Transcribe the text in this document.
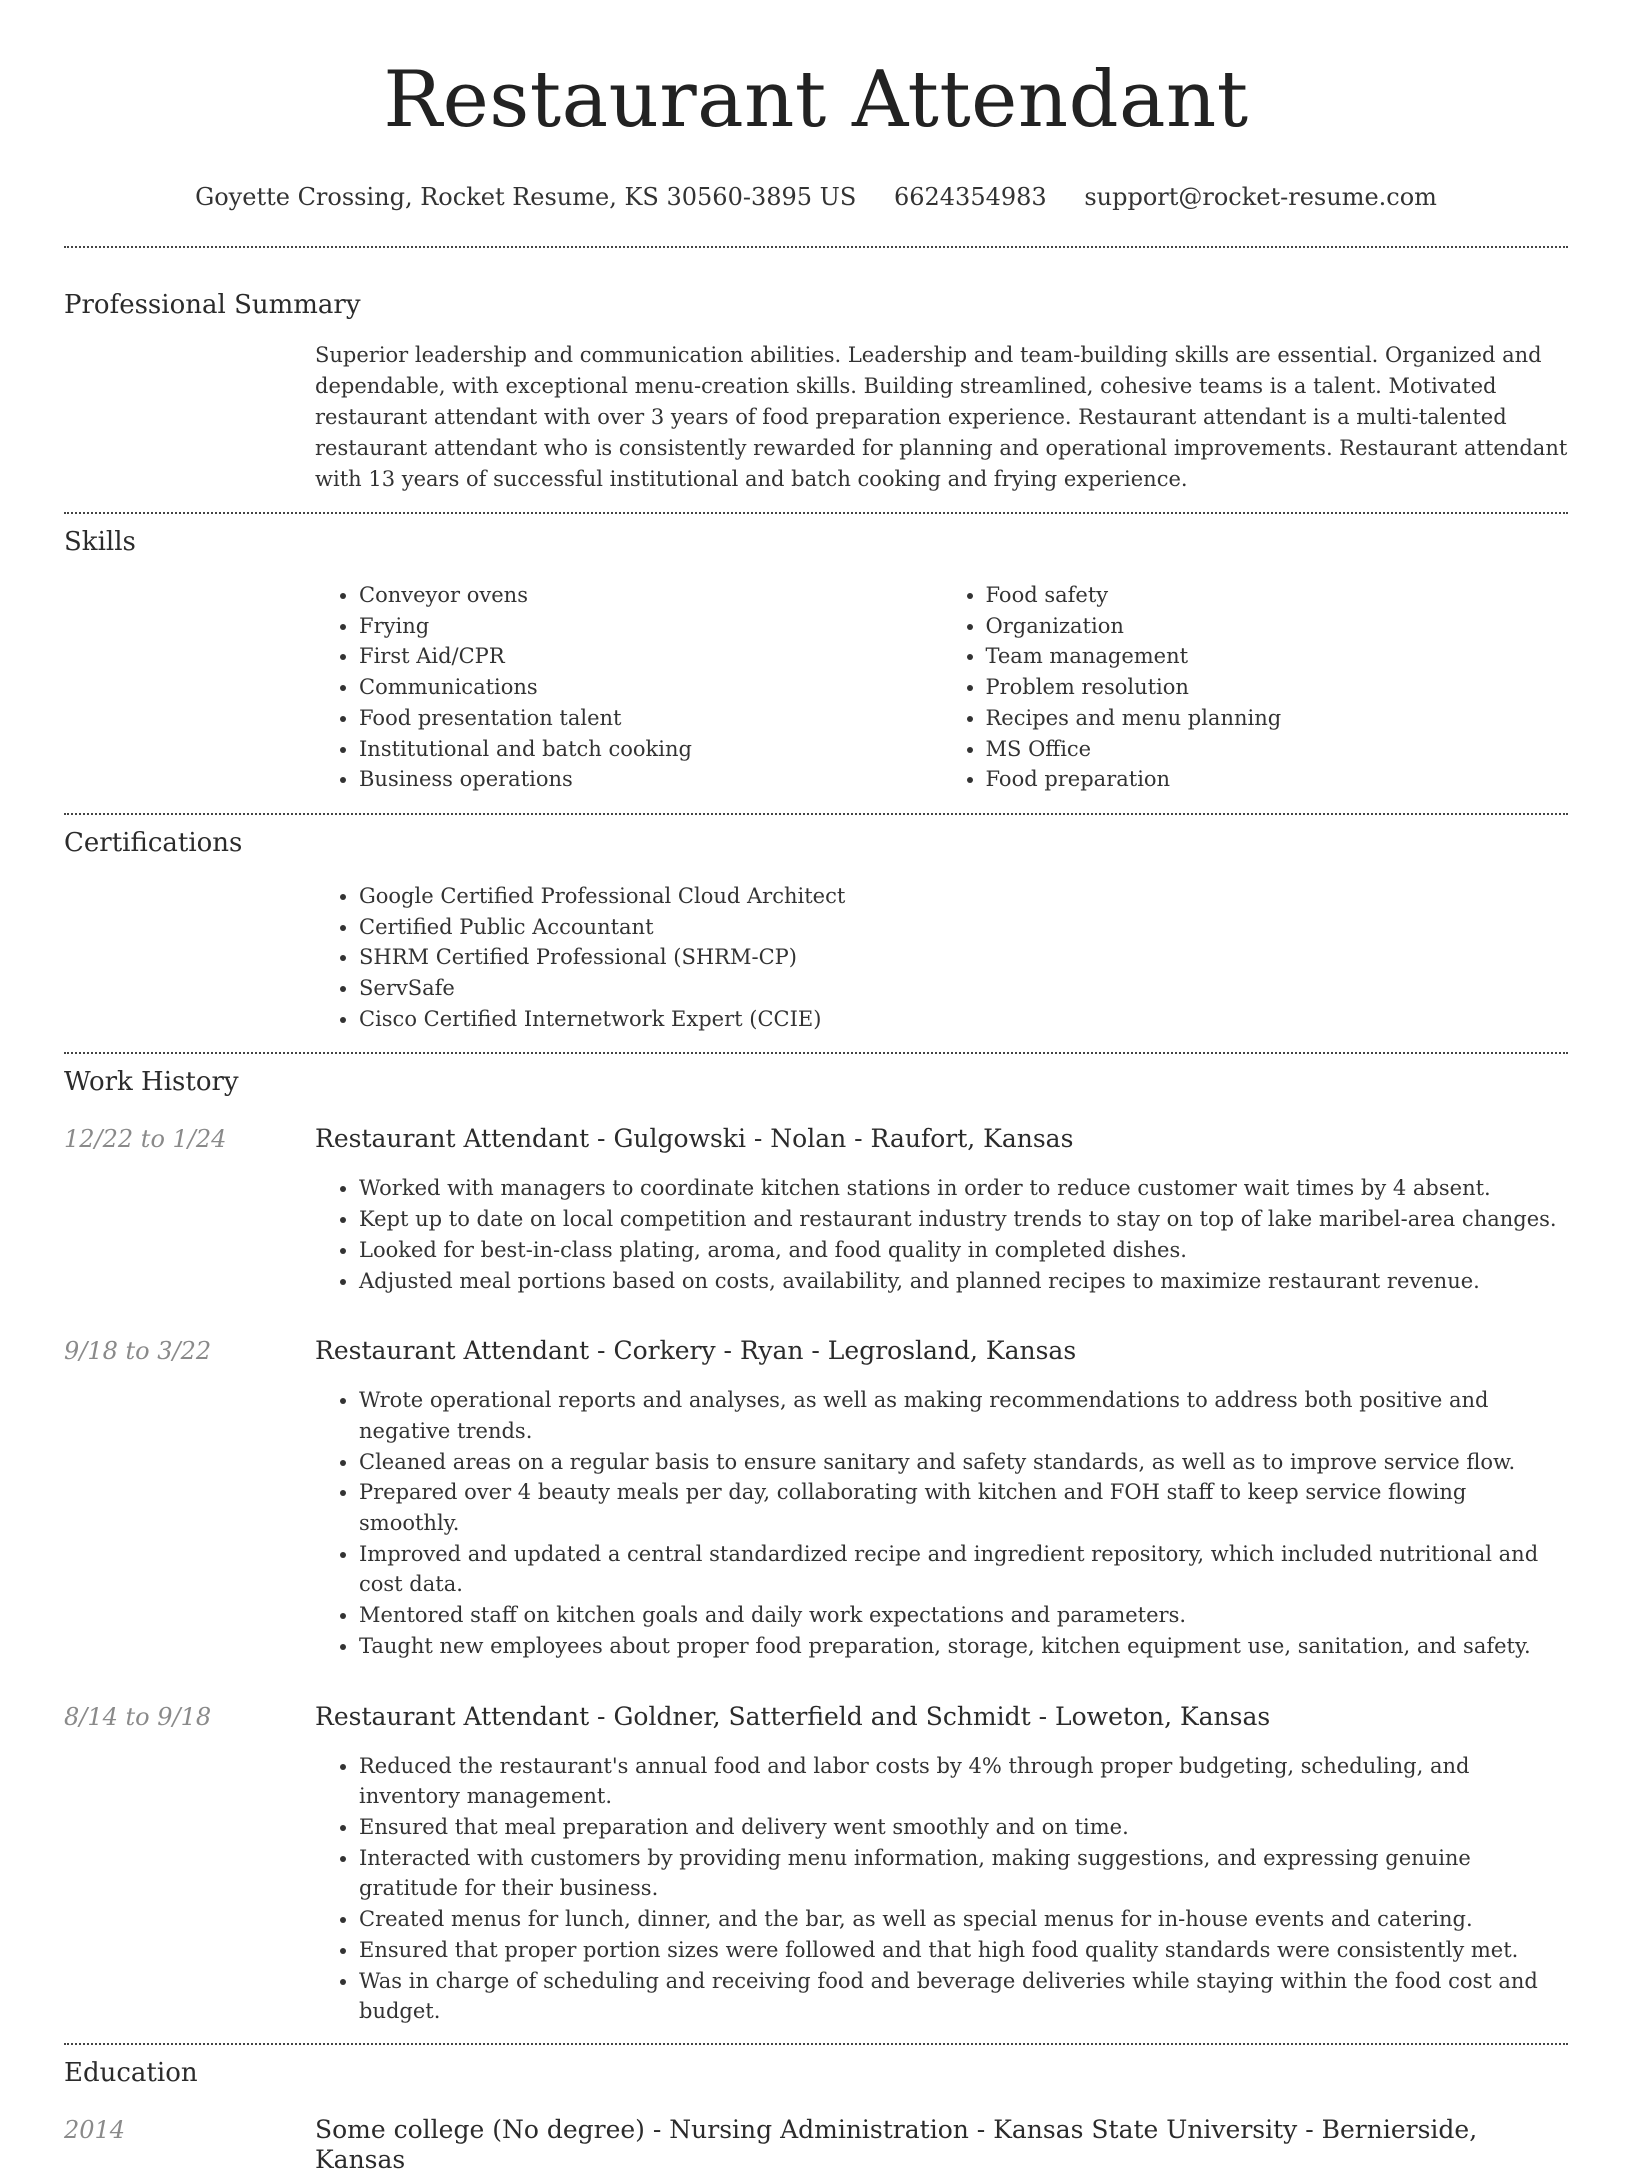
Restaurant Attendant
Goyette Crossing, Rocket Resume, KS 30560-3895 US 6624354983 support@rocket-resume.com
Professional Summary
Superior leadership and communication abilities. Leadership and team-building skills are essential. Organized and dependable, with exceptional menu-creation skills. Building streamlined, cohesive teams is a talent. Motivated restaurant attendant with over 3 years of food preparation experience. Restaurant attendant is a multi-talented restaurant attendant who is consistently rewarded for planning and operational improvements. Restaurant attendant with 13 years of successful institutional and batch cooking and frying experience.
Skills
• Conveyor ovens
• Frying
• First Aid/CPR
• Communications
• Food presentation talent
• Institutional and batch cooking
• Business operations
• Food safety
• Organization
• Team management
• Problem resolution
• Recipes and menu planning
• MS Office
• Food preparation
Certifications
• Google Certified Professional Cloud Architect
• Certified Public Accountant
• SHRM Certified Professional (SHRM-CP)
• ServSafe
• Cisco Certified Internetwork Expert (CCIE)
Work History
12/22 to 1/24	Restaurant Attendant - Gulgowski - Nolan - Raufort, Kansas
• Worked with managers to coordinate kitchen stations in order to reduce customer wait times by 4 absent.
• Kept up to date on local competition and restaurant industry trends to stay on top of lake maribel-area changes.
• Looked for best-in-class plating, aroma, and food quality in completed dishes.
• Adjusted meal portions based on costs, availability, and planned recipes to maximize restaurant revenue.
9/18 to 3/22	Restaurant Attendant - Corkery - Ryan - Legrosland, Kansas
• Wrote operational reports and analyses, as well as making recommendations to address both positive and negative trends.
• Cleaned areas on a regular basis to ensure sanitary and safety standards, as well as to improve service flow.
• Prepared over 4 beauty meals per day, collaborating with kitchen and FOH staff to keep service flowing smoothly.
• Improved and updated a central standardized recipe and ingredient repository, which included nutritional and cost data.
• Mentored staff on kitchen goals and daily work expectations and parameters.
• Taught new employees about proper food preparation, storage, kitchen equipment use, sanitation, and safety.
8/14 to 9/18	Restaurant Attendant - Goldner, Satterfield and Schmidt - Loweton, Kansas
• Reduced the restaurant's annual food and labor costs by 4% through proper budgeting, scheduling, and inventory management.
• Ensured that meal preparation and delivery went smoothly and on time.
• Interacted with customers by providing menu information, making suggestions, and expressing genuine gratitude for their business.
• Created menus for lunch, dinner, and the bar, as well as special menus for in-house events and catering.
• Ensured that proper portion sizes were followed and that high food quality standards were consistently met.
• Was in charge of scheduling and receiving food and beverage deliveries while staying within the food cost and budget.
Education
2014	Some college (No degree) - Nursing Administration - Kansas State University - Bernierside, Kansas
